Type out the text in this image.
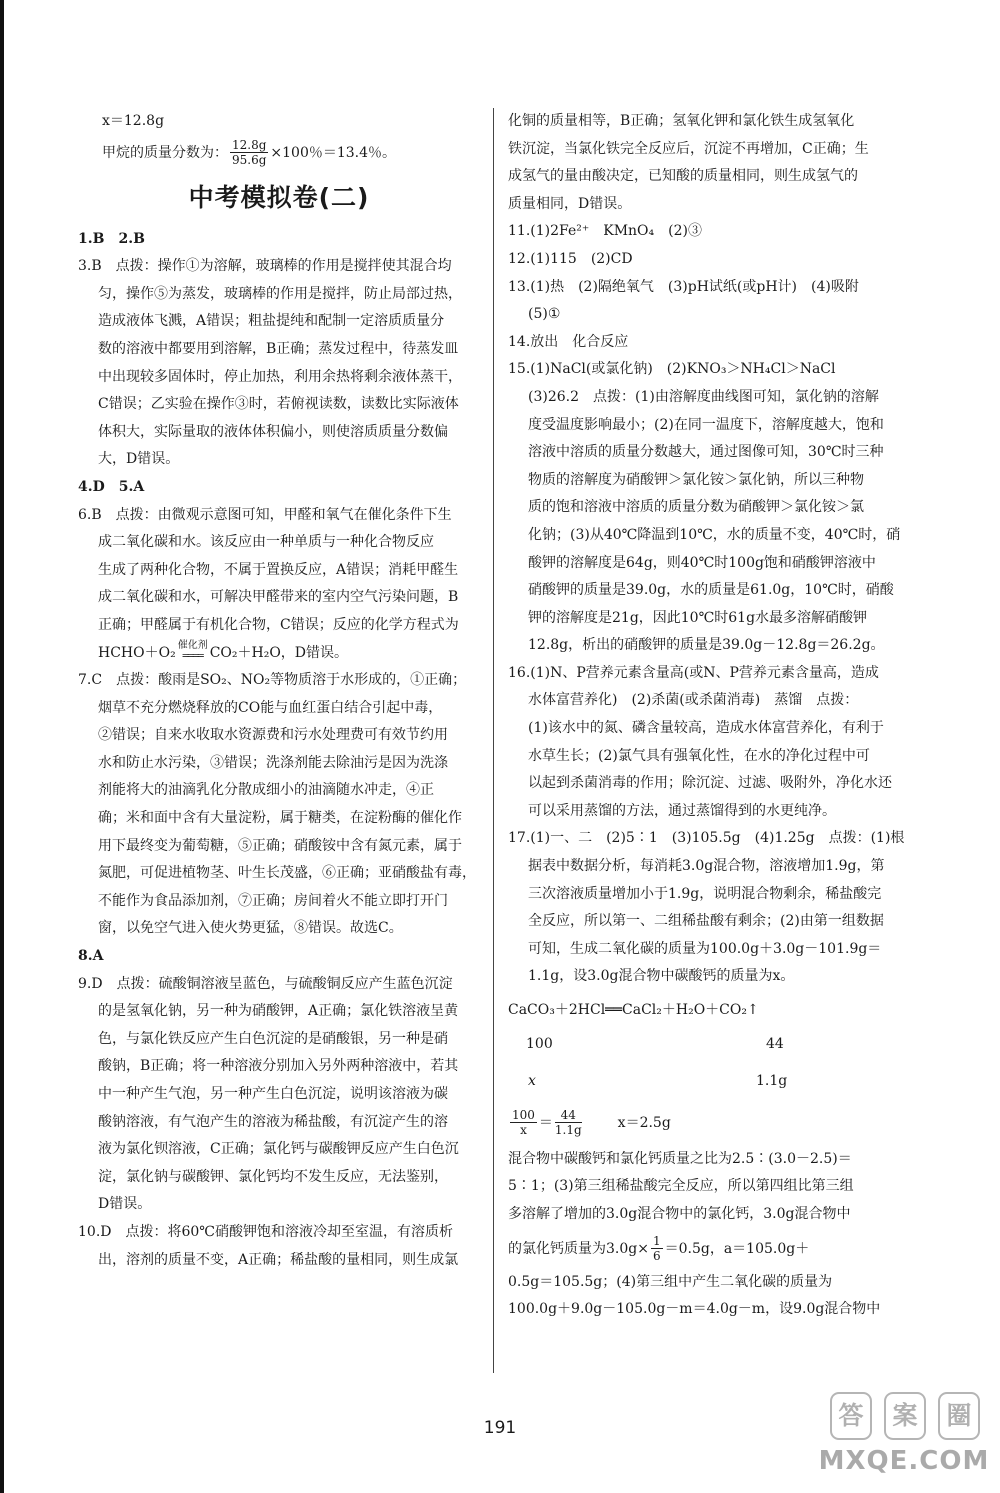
x＝12.8g

甲烷的质量分数为： $\frac{12.8g}{95.6g} \times 100$％＝13.4％。

中考模拟卷(二)

1.B　2.B

3.B　点拨：操作①为溶解，玻璃棒的作用是搅拌使其混合均

匀，操作⑤为蒸发，玻璃棒的作用是搅拌，防止局部过热，

造成液体飞溅，A错误；粗盐提纯和配制一定溶质质量分

数的溶液中都要用到溶解，B正确；蒸发过程中，待蒸发皿

中出现较多固体时，停止加热，利用余热将剩余液体蒸干，

C错误；乙实验在操作③时，若俯视读数，读数比实际液体

体积大，实际量取的液体体积偏小，则使溶质质量分数偏

大，D错误。

4.D　5.A

6.B　点拨：由微观示意图可知，甲醛和氧气在催化条件下生

成二氧化碳和水。该反应由一种单质与一种化合物反应

生成了两种化合物，不属于置换反应，A错误；消耗甲醛生

成二氧化碳和水，可解决甲醛带来的室内空气污染问题，B

正确；甲醛属于有机化合物，C错误；反应的化学方程式为

HCHO＋O₂ 催化剂
════ CO₂＋H₂O，D错误。

7.C　点拨：酸雨是SO₂、NO₂等物质溶于水形成的，①正确；

烟草不充分燃烧释放的CO能与血红蛋白结合引起中毒，

②错误；自来水收取水资源费和污水处理费可有效节约用

水和防止水污染，③错误；洗涤剂能去除油污是因为洗涤

剂能将大的油滴乳化分散成细小的油滴随水冲走，④正

确；米和面中含有大量淀粉，属于糖类，在淀粉酶的催化作

用下最终变为葡萄糖，⑤正确；硝酸铵中含有氮元素，属于

氮肥，可促进植物茎、叶生长茂盛，⑥正确；亚硝酸盐有毒，

不能作为食品添加剂，⑦正确；房间着火不能立即打开门

窗，以免空气进入使火势更猛，⑧错误。故选C。

8.A

9.D　点拨：硫酸铜溶液呈蓝色，与硫酸铜反应产生蓝色沉淀

的是氢氧化钠，另一种为硝酸钾，A正确；氯化铁溶液呈黄

色，与氯化铁反应产生白色沉淀的是硝酸银，另一种是硝

酸钠，B正确；将一种溶液分别加入另外两种溶液中，若其

中一种产生气泡，另一种产生白色沉淀，说明该溶液为碳

酸钠溶液，有气泡产生的溶液为稀盐酸，有沉淀产生的溶

液为氯化钡溶液，C正确；氯化钙与碳酸钾反应产生白色沉

淀，氯化钠与碳酸钾、氯化钙均不发生反应，无法鉴别，

D错误。

10.D　点拨：将60℃硝酸钾饱和溶液冷却至室温，有溶质析

出，溶剂的质量不变，A正确；稀盐酸的量相同，则生成氯

化铜的质量相等，B正确；氢氧化钾和氯化铁生成氢氧化

铁沉淀，当氯化铁完全反应后，沉淀不再增加，C正确；生

成氢气的量由酸决定，已知酸的质量相同，则生成氢气的

质量相同，D错误。

11.(1)2Fe²⁺　KMnO₄　(2)③

12.(1)115　(2)CD

13.(1)热　(2)隔绝氧气　(3)pH试纸(或pH计)　(4)吸附

(5)①

14.放出　化合反应

15.(1)NaCl(或氯化钠)　(2)KNO₃＞NH₄Cl＞NaCl

(3)26.2　点拨：(1)由溶解度曲线图可知，氯化钠的溶解

度受温度影响最小；(2)在同一温度下，溶解度越大，饱和

溶液中溶质的质量分数越大，通过图像可知，30℃时三种

物质的溶解度为硝酸钾＞氯化铵＞氯化钠，所以三种物

质的饱和溶液中溶质的质量分数为硝酸钾＞氯化铵＞氯

化钠；(3)从40℃降温到10℃，水的质量不变，40℃时，硝

酸钾的溶解度是64g，则40℃时100g饱和硝酸钾溶液中

硝酸钾的质量是39.0g，水的质量是61.0g，10℃时，硝酸

钾的溶解度是21g，因此10℃时61g水最多溶解硝酸钾

12.8g，析出的硝酸钾的质量是39.0g－12.8g＝26.2g。

16.(1)N、P营养元素含量高(或N、P营养元素含量高，造成

水体富营养化)　(2)杀菌(或杀菌消毒)　蒸馏　点拨：

(1)该水中的氮、磷含量较高，造成水体富营养化，有利于

水草生长；(2)氯气具有强氧化性，在水的净化过程中可

以起到杀菌消毒的作用；除沉淀、过滤、吸附外，净化水还

可以采用蒸馏的方法，通过蒸馏得到的水更纯净。

17.(1)一、二　(2)5∶1　(3)105.5g　(4)1.25g　点拨：(1)根

据表中数据分析，每消耗3.0g混合物，溶液增加1.9g，第

三次溶液质量增加小于1.9g，说明混合物剩余，稀盐酸完

全反应，所以第一、二组稀盐酸有剩余；(2)由第一组数据

可知，生成二氧化碳的质量为100.0g＋3.0g－101.9g＝

1.1g，设3.0g混合物中碳酸钙的质量为x。

CaCO₃＋2HCl══CaCl₂＋H₂O＋CO₂↑

100	44
x	1.1g

$\frac{100}{x} = \frac{44}{1.1g}$	x＝2.5g

混合物中碳酸钙和氯化钙质量之比为2.5∶(3.0－2.5)＝

5∶1；(3)第三组稀盐酸完全反应，所以第四组比第三组

多溶解了增加的3.0g混合物中的氯化钙，3.0g混合物中

的氯化钙质量为$3.0g\times \frac{1}{6} =0.5g$，a＝105.0g＋

0.5g＝105.5g；(4)第三组中产生二氧化碳的质量为

100.0g＋9.0g－105.0g－m＝4.0g－m，设9.0g混合物中

191	答	案	圈
MXQE.COM
